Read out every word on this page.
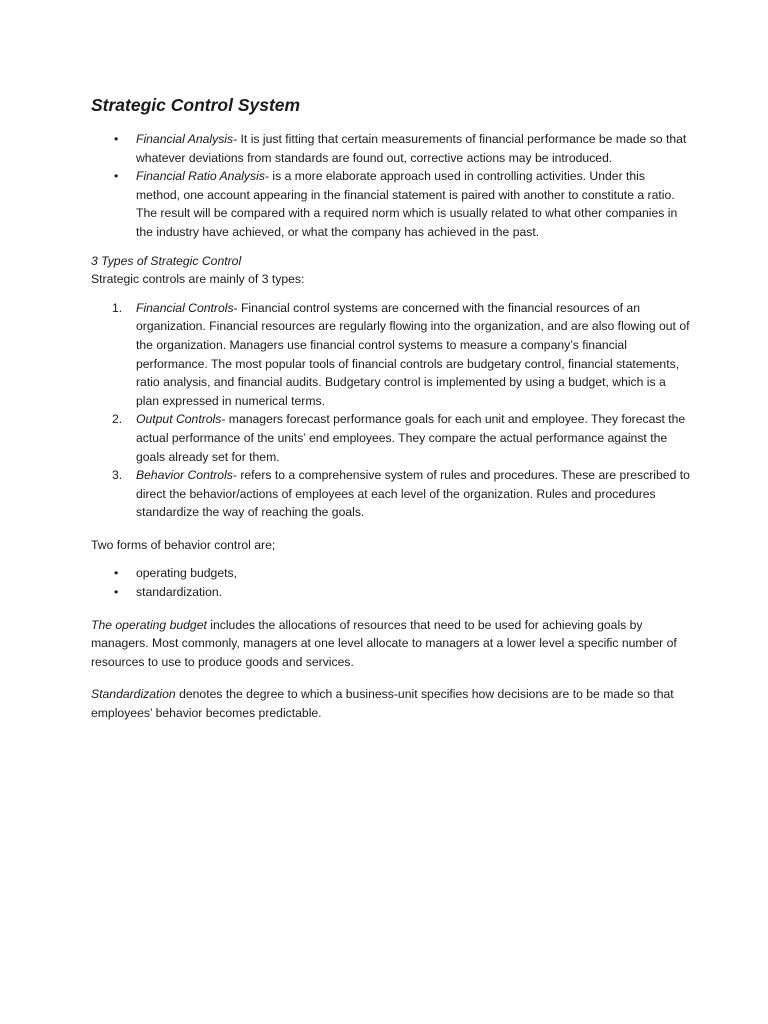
Strategic Control System
• Financial Analysis- It is just fitting that certain measurements of financial performance be made so that whatever deviations from standards are found out, corrective actions may be introduced.
• Financial Ratio Analysis- is a more elaborate approach used in controlling activities. Under this method, one account appearing in the financial statement is paired with another to constitute a ratio. The result will be compared with a required norm which is usually related to what other companies in the industry have achieved, or what the company has achieved in the past.

3 Types of Strategic Control

Strategic controls are mainly of 3 types:

1. Financial Controls- Financial control systems are concerned with the financial resources of an organization. Financial resources are regularly flowing into the organization, and are also flowing out of the organization. Managers use financial control systems to measure a company’s financial performance. The most popular tools of financial controls are budgetary control, financial statements, ratio analysis, and financial audits. Budgetary control is implemented by using a budget, which is a plan expressed in numerical terms.
2. Output Controls- managers forecast performance goals for each unit and employee. They forecast the actual performance of the units’ end employees. They compare the actual performance against the goals already set for them.
3. Behavior Controls- refers to a comprehensive system of rules and procedures. These are prescribed to direct the behavior/actions of employees at each level of the organization. Rules and procedures standardize the way of reaching the goals.

Two forms of behavior control are;

• operating budgets,
• standardization.

The operating budget includes the allocations of resources that need to be used for achieving goals by managers. Most commonly, managers at one level allocate to managers at a lower level a specific number of resources to use to produce goods and services.

Standardization denotes the degree to which a business-unit specifies how decisions are to be made so that employees’ behavior becomes predictable.
